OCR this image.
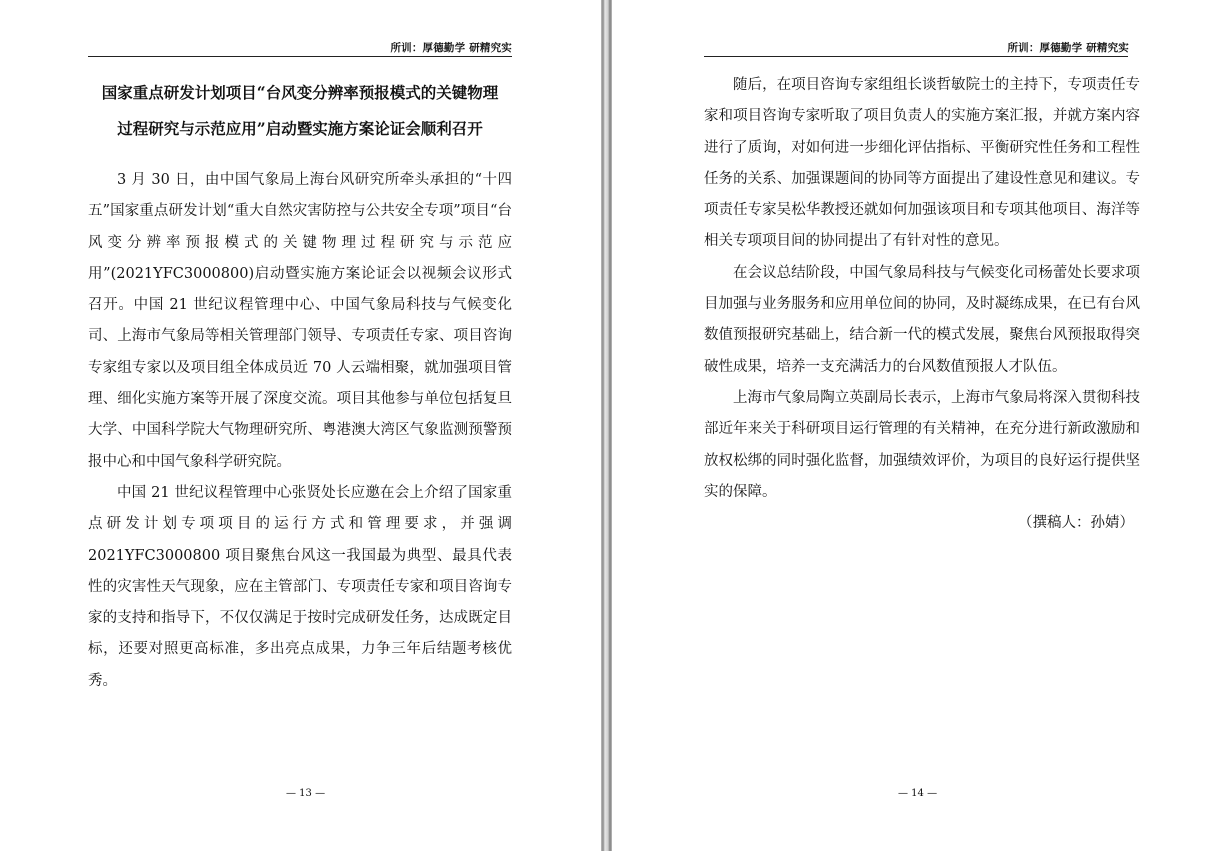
所训：厚德勤学 研精究实
国家重点研发计划项目“台风变分辨率预报模式的关键物理
过程研究与示范应用”启动暨实施方案论证会顺利召开

3 月 30 日，由中国气象局上海台风研究所牵头承担的“十四五”国家重点研发计划“重大自然灾害防控与公共安全专项”项目“台风变分辨率预报模式的关键物理过程研究与示范应用”(2021YFC3000800)启动暨实施方案论证会以视频会议形式召开。中国 21 世纪议程管理中心、中国气象局科技与气候变化司、上海市气象局等相关管理部门领导、专项责任专家、项目咨询专家组专家以及项目组全体成员近 70 人云端相聚，就加强项目管理、细化实施方案等开展了深度交流。项目其他参与单位包括复旦大学、中国科学院大气物理研究所、粤港澳大湾区气象监测预警预报中心和中国气象科学研究院。

中国 21 世纪议程管理中心张贤处长应邀在会上介绍了国家重点研发计划专项项目的运行方式和管理要求，并强调 2021YFC3000800 项目聚焦台风这一我国最为典型、最具代表性的灾害性天气现象，应在主管部门、专项责任专家和项目咨询专家的支持和指导下，不仅仅满足于按时完成研发任务，达成既定目标，还要对照更高标准，多出亮点成果，力争三年后结题考核优秀。

— 13 —
所训：厚德勤学 研精究实

随后，在项目咨询专家组组长谈哲敏院士的主持下，专项责任专家和项目咨询专家听取了项目负责人的实施方案汇报，并就方案内容进行了质询，对如何进一步细化评估指标、平衡研究性任务和工程性任务的关系、加强课题间的协同等方面提出了建设性意见和建议。专项责任专家吴松华教授还就如何加强该项目和专项其他项目、海洋等相关专项项目间的协同提出了有针对性的意见。

在会议总结阶段，中国气象局科技与气候变化司杨蕾处长要求项目加强与业务服务和应用单位间的协同，及时凝练成果，在已有台风数值预报研究基础上，结合新一代的模式发展，聚焦台风预报取得突破性成果，培养一支充满活力的台风数值预报人才队伍。

上海市气象局陶立英副局长表示，上海市气象局将深入贯彻科技部近年来关于科研项目运行管理的有关精神，在充分进行新政激励和放权松绑的同时强化监督，加强绩效评价，为项目的良好运行提供坚实的保障。

（撰稿人：孙婧）
— 14 —
